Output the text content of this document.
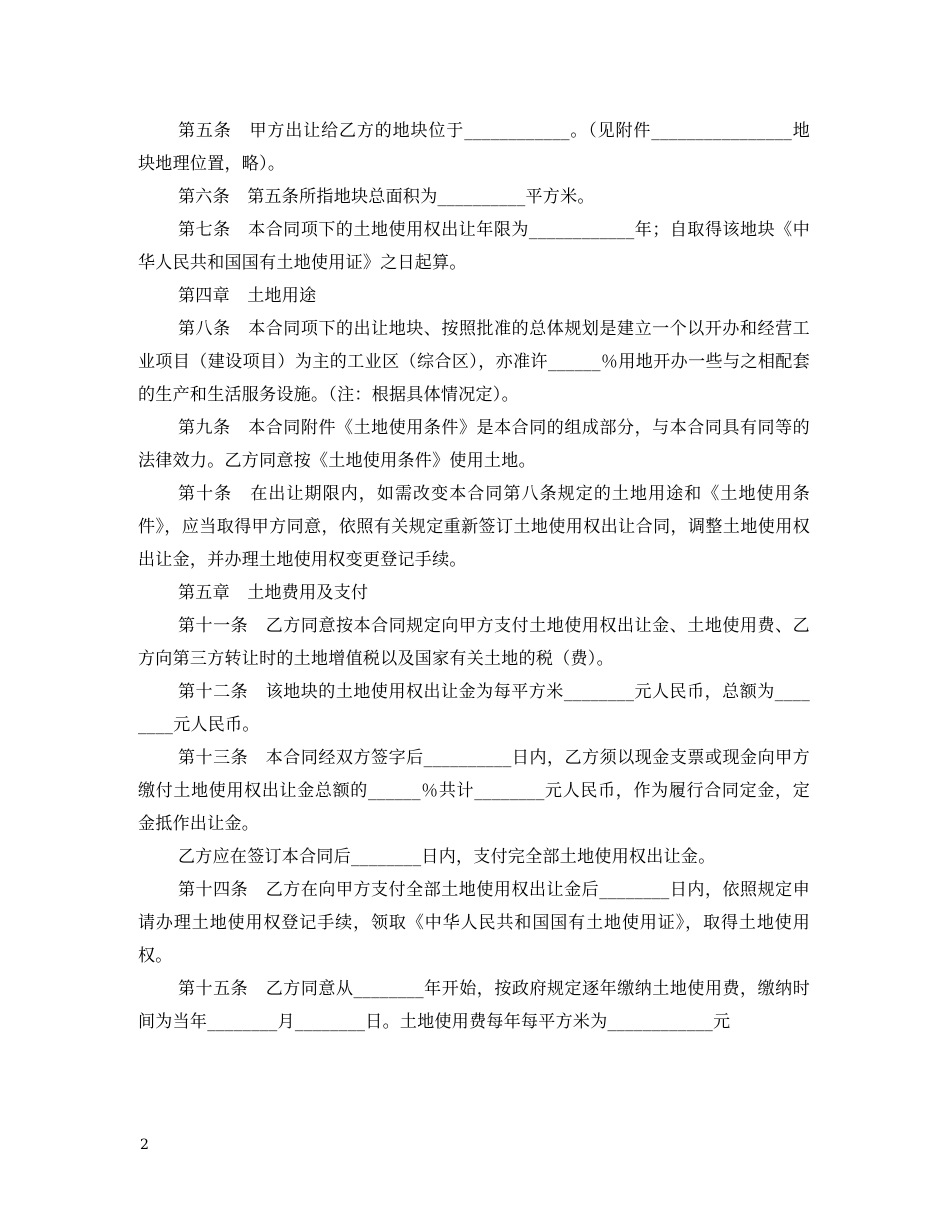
第五条　甲方出让给乙方的地块位于____________。（见附件________________地块地理位置，略）。

第六条　第五条所指地块总面积为__________平方米。

第七条　本合同项下的土地使用权出让年限为____________年；自取得该地块《中华人民共和国国有土地使用证》之日起算。

第四章　土地用途

第八条　本合同项下的出让地块、按照批准的总体规划是建立一个以开办和经营工业项目（建设项目）为主的工业区（综合区），亦准许______％用地开办一些与之相配套的生产和生活服务设施。（注：根据具体情况定）。

第九条　本合同附件《土地使用条件》是本合同的组成部分，与本合同具有同等的法律效力。乙方同意按《土地使用条件》使用土地。

第十条　在出让期限内，如需改变本合同第八条规定的土地用途和《土地使用条件》，应当取得甲方同意，依照有关规定重新签订土地使用权出让合同，调整土地使用权出让金，并办理土地使用权变更登记手续。

第五章　土地费用及支付

第十一条　乙方同意按本合同规定向甲方支付土地使用权出让金、土地使用费、乙方向第三方转让时的土地增值税以及国家有关土地的税（费）。

第十二条　该地块的土地使用权出让金为每平方米________元人民币，总额为________元人民币。

第十三条　本合同经双方签字后__________日内，乙方须以现金支票或现金向甲方缴付土地使用权出让金总额的______％共计________元人民币，作为履行合同定金，定金抵作出让金。

乙方应在签订本合同后________日内，支付完全部土地使用权出让金。

第十四条　乙方在向甲方支付全部土地使用权出让金后________日内，依照规定申请办理土地使用权登记手续，领取《中华人民共和国国有土地使用证》，取得土地使用权。

第十五条　乙方同意从________年开始，按政府规定逐年缴纳土地使用费，缴纳时间为当年________月________日。土地使用费每年每平方米为____________元

2
